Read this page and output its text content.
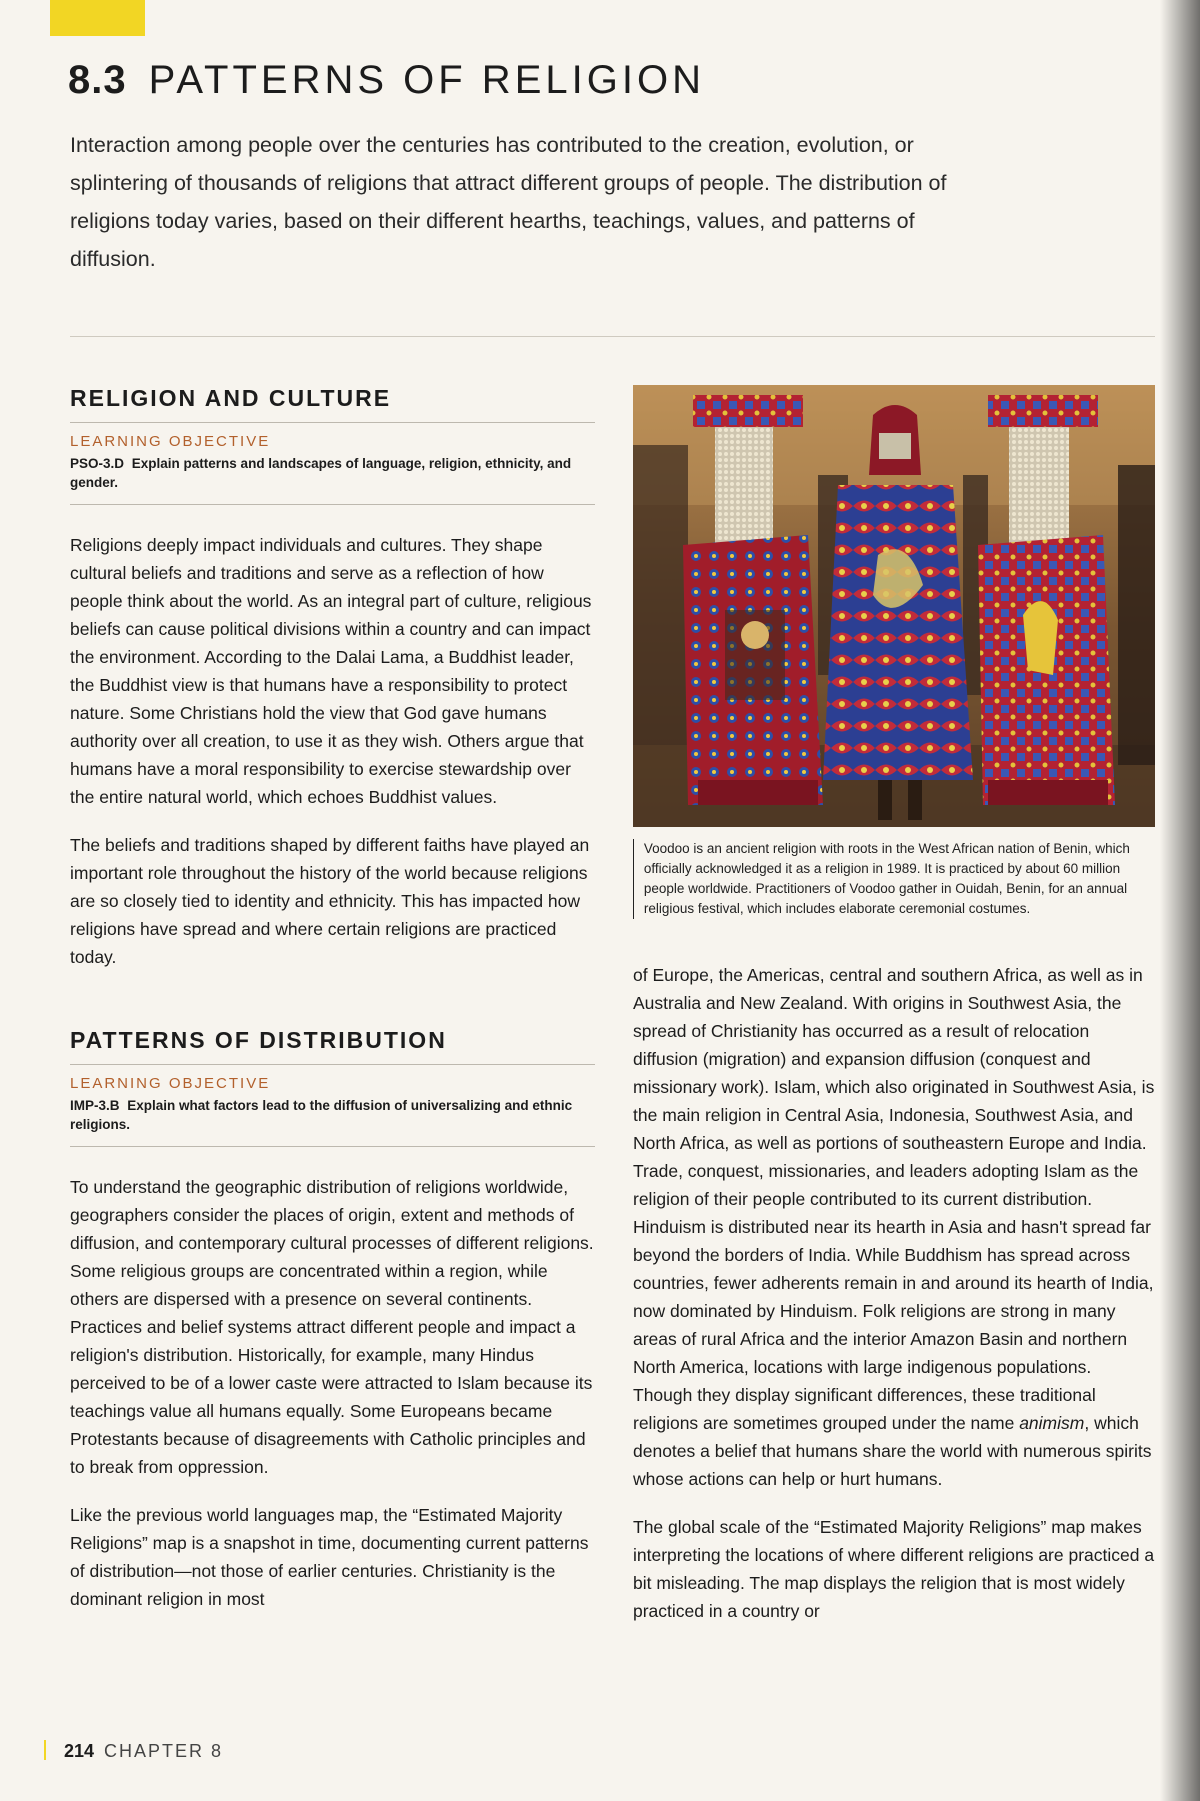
8.3 PATTERNS OF RELIGION

Interaction among people over the centuries has contributed to the creation, evolution, or splintering of thousands of religions that attract different groups of people. The distribution of religions today varies, based on their different hearths, teachings, values, and patterns of diffusion.

RELIGION AND CULTURE
LEARNING OBJECTIVE
PSO-3.D Explain patterns and landscapes of language, religion, ethnicity, and gender.

Religions deeply impact individuals and cultures. They shape cultural beliefs and traditions and serve as a reflection of how people think about the world. As an integral part of culture, religious beliefs can cause political divisions within a country and can impact the environment. According to the Dalai Lama, a Buddhist leader, the Buddhist view is that humans have a responsibility to protect nature. Some Christians hold the view that God gave humans authority over all creation, to use it as they wish. Others argue that humans have a moral responsibility to exercise stewardship over the entire natural world, which echoes Buddhist values.

The beliefs and traditions shaped by different faiths have played an important role throughout the history of the world because religions are so closely tied to identity and ethnicity. This has impacted how religions have spread and where certain religions are practiced today.

PATTERNS OF DISTRIBUTION
LEARNING OBJECTIVE
IMP-3.B Explain what factors lead to the diffusion of universalizing and ethnic religions.

To understand the geographic distribution of religions worldwide, geographers consider the places of origin, extent and methods of diffusion, and contemporary cultural processes of different religions. Some religious groups are concentrated within a region, while others are dispersed with a presence on several continents. Practices and belief systems attract different people and impact a religion's distribution. Historically, for example, many Hindus perceived to be of a lower caste were attracted to Islam because its teachings value all humans equally. Some Europeans became Protestants because of disagreements with Catholic principles and to break from oppression.

Like the previous world languages map, the “Estimated Majority Religions” map is a snapshot in time, documenting current patterns of distribution—not those of earlier centuries. Christianity is the dominant religion in most

Voodoo is an ancient religion with roots in the West African nation of Benin, which officially acknowledged it as a religion in 1989. It is practiced by about 60 million people worldwide. Practitioners of Voodoo gather in Ouidah, Benin, for an annual religious festival, which includes elaborate ceremonial costumes.

of Europe, the Americas, central and southern Africa, as well as in Australia and New Zealand. With origins in Southwest Asia, the spread of Christianity has occurred as a result of relocation diffusion (migration) and expansion diffusion (conquest and missionary work). Islam, which also originated in Southwest Asia, is the main religion in Central Asia, Indonesia, Southwest Asia, and North Africa, as well as portions of southeastern Europe and India. Trade, conquest, missionaries, and leaders adopting Islam as the religion of their people contributed to its current distribution. Hinduism is distributed near its hearth in Asia and hasn't spread far beyond the borders of India. While Buddhism has spread across countries, fewer adherents remain in and around its hearth of India, now dominated by Hinduism. Folk religions are strong in many areas of rural Africa and the interior Amazon Basin and northern North America, locations with large indigenous populations. Though they display significant differences, these traditional religions are sometimes grouped under the name animism, which denotes a belief that humans share the world with numerous spirits whose actions can help or hurt humans.

The global scale of the “Estimated Majority Religions” map makes interpreting the locations of where different religions are practiced a bit misleading. The map displays the religion that is most widely practiced in a country or

214 CHAPTER 8
